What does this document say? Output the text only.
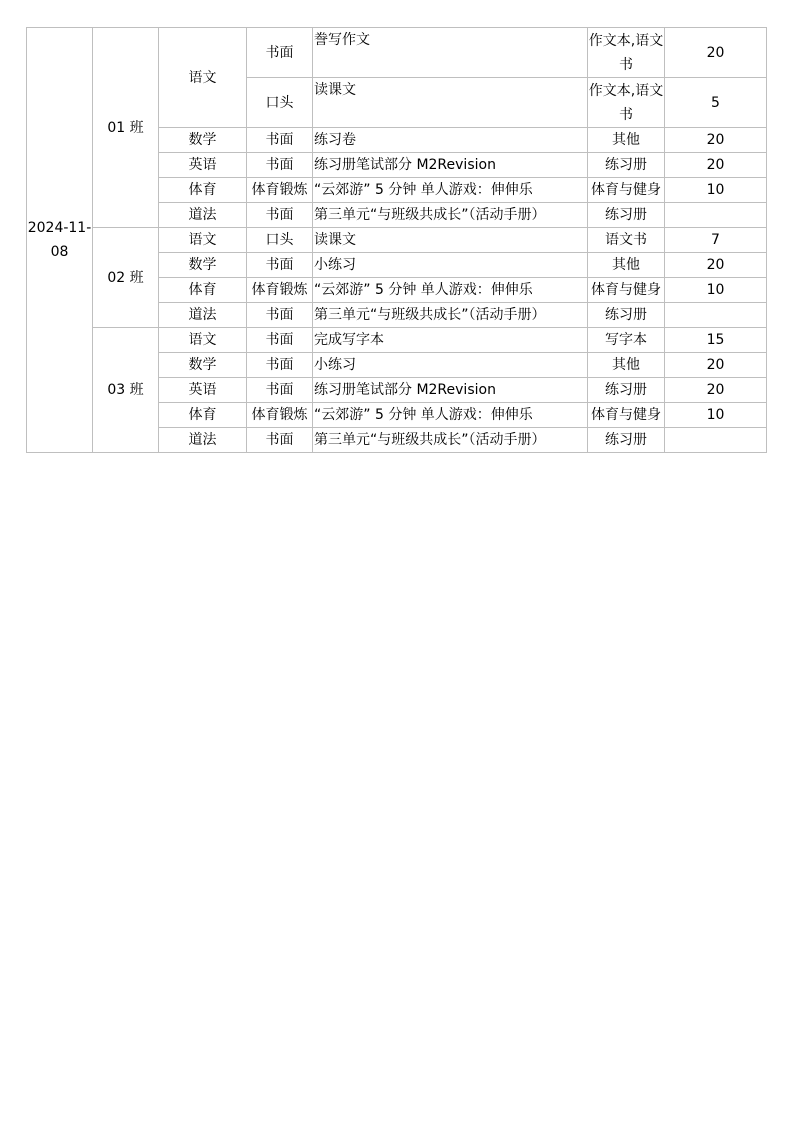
2024-11-08	01 班	语文	书面	誊写作文	作文本,语文书	20
			口头	读课文	作文本,语文书	5
		数学	书面	练习卷	其他	20
		英语	书面	练习册笔试部分 M2Revision	练习册	20
		体育	体育锻炼	“云郊游” 5 分钟 单人游戏：伸伸乐	体育与健身	10
		道法	书面	第三单元“与班级共成长”（活动手册）	练习册	
	02 班	语文	口头	读课文	语文书	7
		数学	书面	小练习	其他	20
		体育	体育锻炼	“云郊游” 5 分钟 单人游戏：伸伸乐	体育与健身	10
		道法	书面	第三单元“与班级共成长”（活动手册）	练习册	
	03 班	语文	书面	完成写字本	写字本	15
		数学	书面	小练习	其他	20
		英语	书面	练习册笔试部分 M2Revision	练习册	20
		体育	体育锻炼	“云郊游” 5 分钟 单人游戏：伸伸乐	体育与健身	10
		道法	书面	第三单元“与班级共成长”（活动手册）	练习册	
